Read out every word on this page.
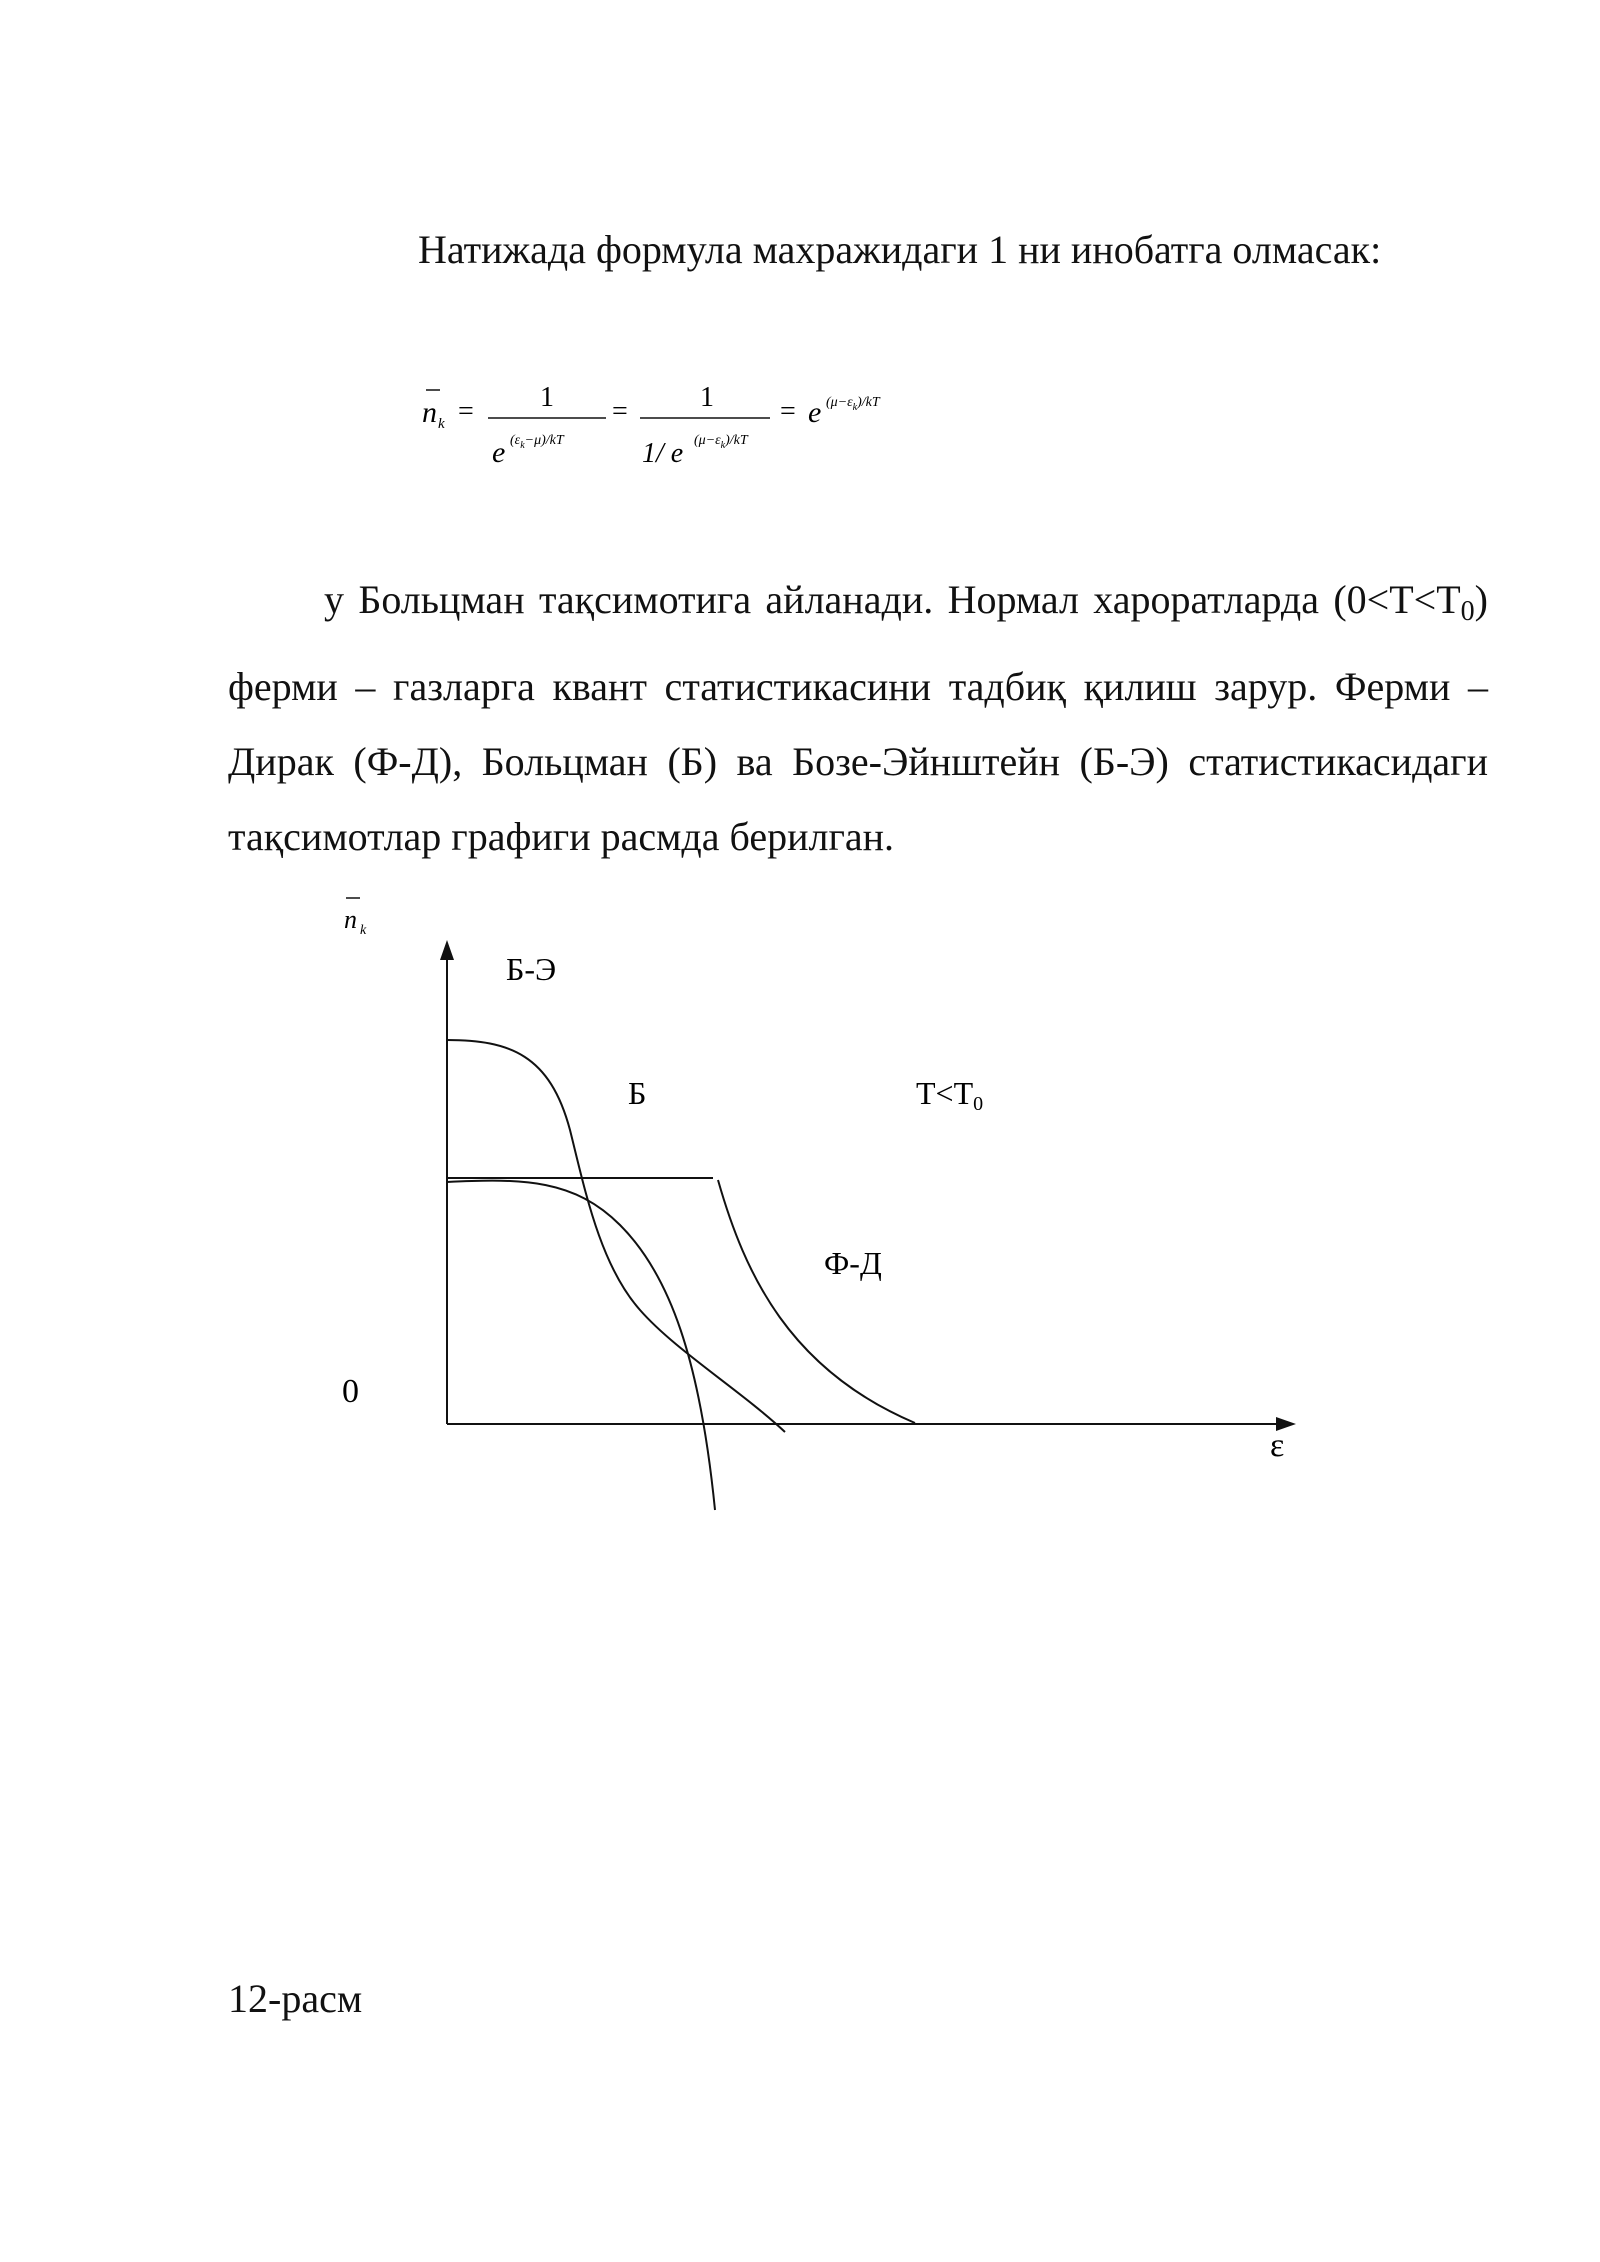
Натижада формула махражидаги 1 ни инобатга олмасак:
n k = 1
e $(\varepsilon_k-\mu)/kT$
=	1
1/ e $(\mu-\varepsilon_k)/kT$
= e $(\mu-\varepsilon_k)/kT$
у Больцман тақсимотига айланади. Нормал хароратларда (0<T<T0) ферми – газларга квант статистикасини тадбиқ қилиш зарур. Ферми – Дирак (Ф-Д), Больцман (Б) ва Бозе-Эйнштейн (Б-Э) статистикасидаги тақсимотлар графиги расмда берилган.
n k
0
ε
Б-Э
Б
Ф-Д
T<T0
12-расм
